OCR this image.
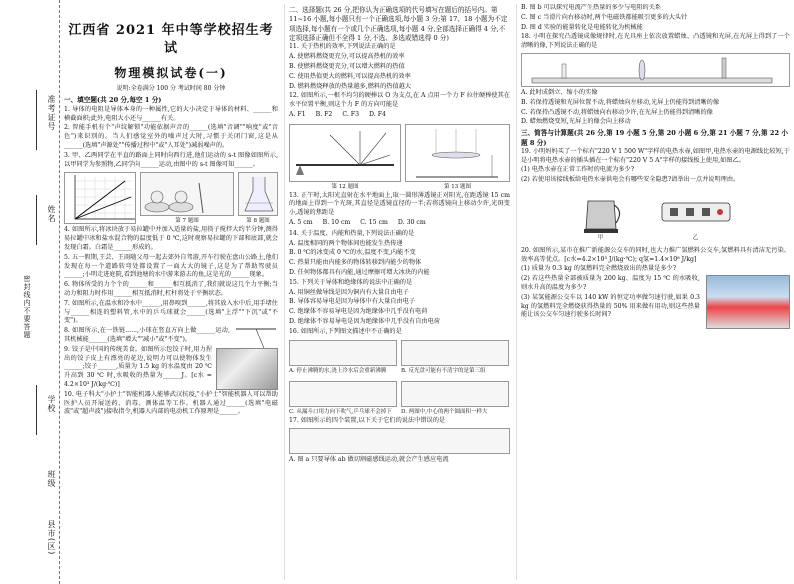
准考证号
姓名
密封线内不要答题
学校
班级
县市(区)
江西省 2021 年中等学校招生考试
物理模拟试卷(一)
说明:全卷满分 100 分 考试时间 80 分钟
一、填空题(共 20 分,每空 1 分)
1. 导体的电阻是导体本身的一种属性,它的大小决定于导体的材料、______和横截面积;此外,电阻大小还与______有关。
2. 智能手机有个"声纹解锁"功能依据声音的______(选填"音调""响度"或"音色")来识别的。当人们感觉室外的噪声过大时,习惯于关闭门窗,这是从______(选填"声源处""传播过程中"或"人耳处")减弱噪声的。
3. 甲、乙两同学在平直的路面上同时向西行进,他们运动的 s-t 图像如图所示,以甲同学为参照物,乙同学向______运动,由图中的 s-t 图像可知______。
第 7 题图	第 8 题图
4. 如图所示,将冰块放于易拉罐中并加入适量的盐,用筷子搅拌大约半分钟,测得易拉罐中冰和盐水混合物的温度低于 0 ℃,这时观察易拉罐的下部和底部,就会发现白霜。白霜是______形成的。
5. 五一假期,王芸、王雨随父母一起去郊外自驾游,开车行驶在盘山公路上,他们发现在每一个道路转弯处都设置了一面大大的镜子,这是为了帮助驾驶员______;小明走进庭院,看到池塘的水中游来游去的鱼,这是光的______现象。
6. 物体所受的力个个的______和______相互抵消了,我们就说这几个力平衡;当动力和阻力时作用______相互抵消时,杠杆将处于平衡状态。
7. 如图所示,在温水和冷水中______,用鼻嗅到______,将其放入水中后,用手堵住与______相连的塑料管,水中的乒乓球就会______(选填"上浮""下沉"或"不变")。
8. 如图所示,在一铁链......,小球在竖直方向上做______运动,其机械能______(选填"增大""减小"或"不变")。
9. 饺子是中国的传统美食。如图所示包饺子时,用力捏出的饺子皮上有漂亮的花边,说明力可以使物体发生______;饺子______,质量为 1.5 kg 的水温度由 20 ℃ 升高到 30 ℃ 时,水吸收的热量为______J。[c水 = 4.2×10³ J/(kg·℃)]
10. 电子科大"小护士"智能机器人能够武汉抗疫,"小护士"智能机器人可以帮助医护人员开展送药、消毒、测体温等工作。机器人通过______(选填"电磁波"或"超声波")接收指令,机器人内部的电动机工作原理是______。
二、选择题(共 26 分,把你认为正确选项的代号填写在题后的括号内。第 11~16 小题,每小题只有一个正确选项,每小题 3 分;第 17、18 小题为不定项选择,每小题有一个或几个正确选项,每小题 4 分,全部选择正确得 4 分,不定项选择正确但不全得 1 分,不选、多选或错选得 0 分)
11. 关于热机的效率,下列说法正确的是
A. 使燃料燃烧更充分,可以提高热机的效率
B. 使燃料燃烧更充分,可以增大燃料的热值
C. 使用热值更大的燃料,可以提高热机的效率
D. 燃料燃烧释放的热量越多,燃料的热值越大
12. 如图所示,一根不均匀的硬棒以 O 为支点,在 A 点用一个力 F 拉住硬棒使其在水平位置平衡,则这个力 F 的方向可能是
A. F1 B. F2 C. F3 D. F4
第 12 题图	第 13 题图
13. 正午时,太阳光直射在水平地面上,取一圆形薄透镜正对阳光,在距透镜 15 cm 的地面上得到一个光斑,其直径是透镜直径的一半;若将透镜向上移动少许,光斑变小,透镜的焦距是
A. 5 cm B. 10 cm C. 15 cm D. 30 cm
14. 关于温度、内能和热量,下列说法正确的是
A. 温度相同的两个物体间也能发生热传递
B. 0 ℃的冰变成 0 ℃的水,温度不变,内能不变
C. 热量只能由内能多的物体转移到内能少的物体
D. 任何物体都具有内能,通过摩擦可增大冰块的内能
15. 下列关于导体和绝缘体的说法中正确的是
A. 用铜丝做导线是因为铜内有大量自由电子
B. 导体容易导电是因为导体中有大量自由电子
C. 绝缘体不容易导电是因为绝缘体中几乎没有电荷
D. 绝缘体不容易导电是因为绝缘体中几乎没有自由电荷
16. 如图所示,下列图文描述中不正确的是
A. 停止沸腾的水,浇上冷水后会重新沸腾	B. 反光盘可能有不清字的是第三组
C. 从漏斗口用力向下吹气,乒乓球不会掉下	D. 两图中,中心的两个圆面积一样大
17. 如图所示的四个装置,以下关于它们的说法中错误的是
A. 图 a 只要导体 ab 做切割磁感线运动,就会产生感应电流
B. 图 b 可以探究电流产生热量的多少与电阻的关系
C. 图 c 当滑片向右移动时,两个电磁铁都能吸引更多的大头针
D. 图 d 实验的能量转化是电能转化为机械能
18. 小明在探究凸透镜成像规律时,在光具座上依次放置蜡烛、凸透镜和光屏,在光屏上得到了一个清晰的像,下列说法正确的是
A. 此时成倒立、缩小的实像
B. 若保持透镜和光屏位置不动,将蜡烛向左移动,光屏上仍能得到清晰的像
C. 若保持凸透镜不动,将蜡烛向右移动少许,在光屏上仍能得到清晰的像
D. 蜡烛燃烧变短,光屏上的像会向上移动
三、简答与计算题(共 26 分,第 19 小题 5 分,第 20 小题 6 分,第 21 小题 7 分,第 22 小题 8 分)
19. 小明妈妈买了一个标有"220 V 1 500 W"字样的电热水壶,如图甲,电热水壶的电源线比较短,于是小明将电热水壶的插头插在一个标有"220 V 5 A"字样的接线板上使用,如图乙。
(1) 电热水壶在正常工作时的电流为多少?
(2) 若使用该接线板给电热水壶供电会有哪些安全隐患?请举出一点并说明理由。
甲	乙
20. 如图所示,某市在推广新能源公交车的同时,也大力推广氢燃料公交车,氢燃料具有清洁无污染、效率高等优点。[c水=4.2×10³ J/(kg·℃); q氢=1.4×10⁸ J/kg]
(1) 质量为 0.3 kg 的氢燃料完全燃烧放出的热量是多少?
(2) 若这些热量全部被质量为 200 kg、温度为 15 ℃ 的水吸收,则水升高的温度为多少?
(3) 某氢能源公交车以 140 kW 的恒定功率做匀速行驶,如果 0.3 kg 的氢燃料完全燃烧获得热量的 50% 用来做有用功,则这些热量能让该公交车匀速行驶多长时间?
